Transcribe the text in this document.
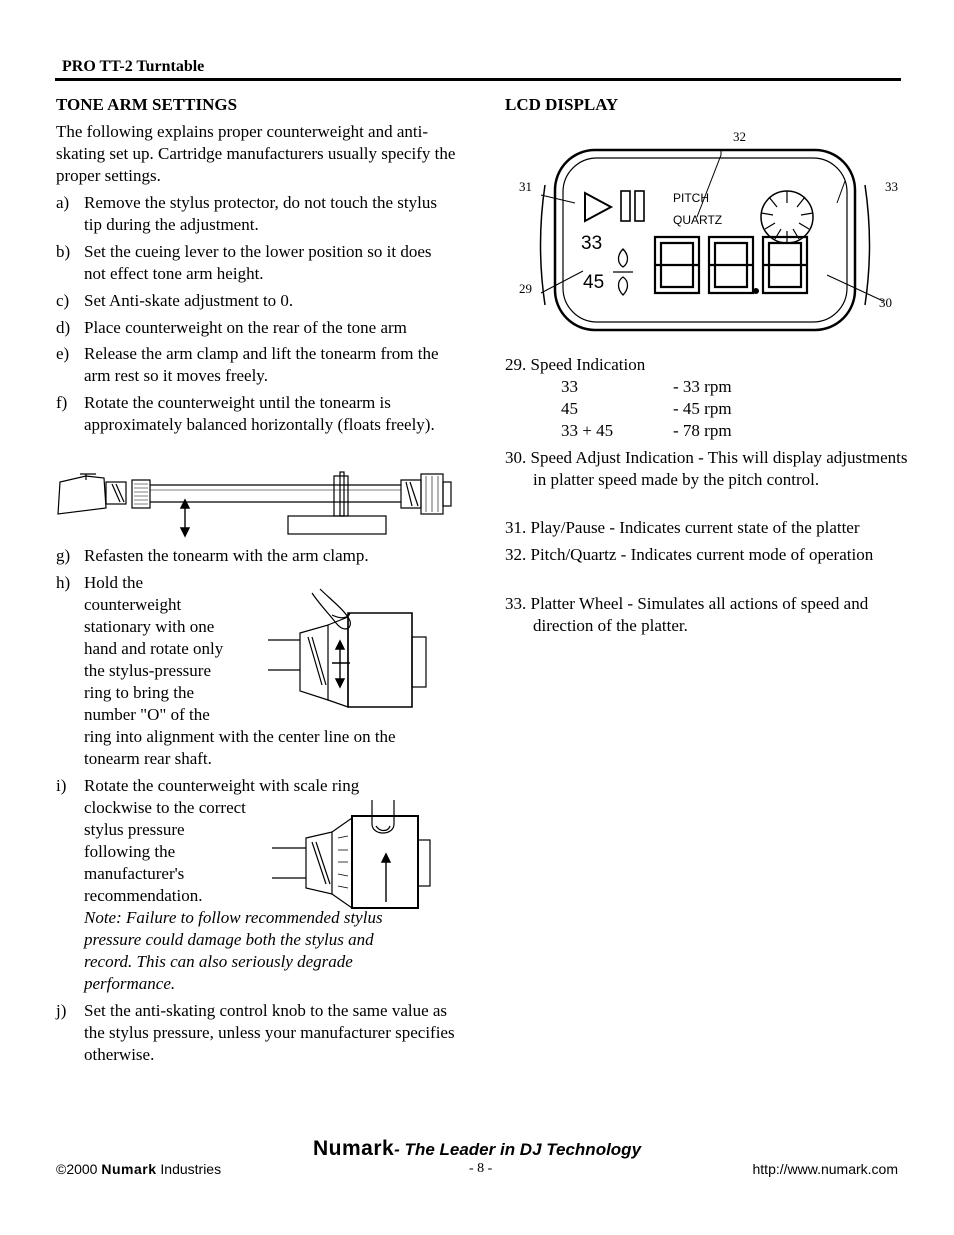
PRO TT-2 Turntable
TONE ARM SETTINGS
The following explains proper counterweight and anti-skating set up. Cartridge manufacturers usually specify the proper settings.
a) Remove the stylus protector, do not touch the stylus tip during the adjustment.
b) Set the cueing lever to the lower position so it does not effect tone arm height.
c) Set Anti-skate adjustment to 0.
d) Place counterweight on the rear of the tone arm
e) Release the arm clamp and lift the tonearm from the arm rest so it moves freely.
f) Rotate the counterweight until the tonearm is approximately balanced horizontally (floats freely).
g) Refasten the tonearm with the arm clamp.
h) Hold the counterweight stationary with one hand and rotate only the stylus-pressure ring to bring the number "O" of the
ring into alignment with the center line on the tonearm rear shaft.
i) Rotate the counterweight with scale ring
clockwise to the correct stylus pressure following the manufacturer's recommendation.
Note: Failure to follow recommended stylus pressure could damage both the stylus and record. This can also seriously degrade performance.
j) Set the anti-skating control knob to the same value as the stylus pressure, unless your manufacturer specifies otherwise.
LCD DISPLAY
PITCH
QUARTZ
33
45
32
31	33
29
30
29. Speed Indication
33	- 33 rpm
45	- 45 rpm
33 + 45	- 78 rpm
30. Speed Adjust Indication - This will display adjustments in platter speed made by the pitch control.
31. Play/Pause - Indicates current state of the platter
32. Pitch/Quartz - Indicates current mode of operation
33. Platter Wheel - Simulates all actions of speed and direction of the platter.
Numark- The Leader in DJ Technology
©2000 Numark Industries	- 8 -	http://www.numark.com
